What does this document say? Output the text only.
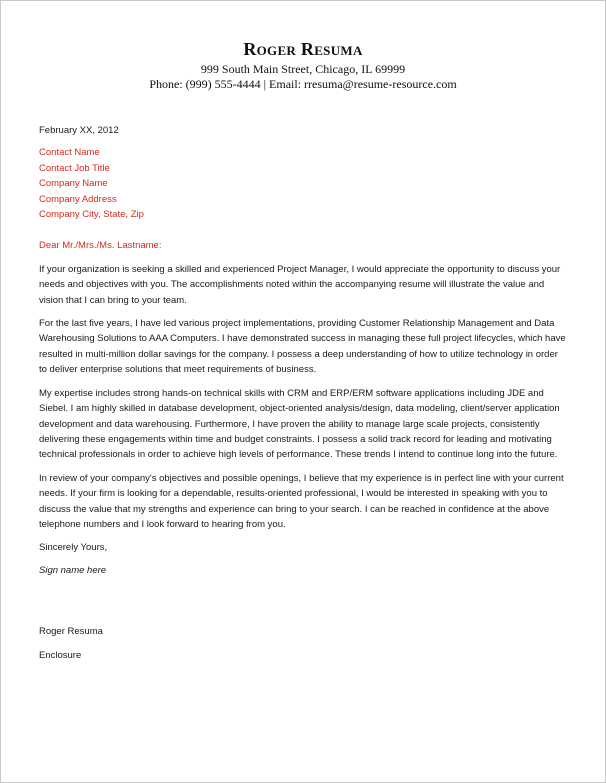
Roger Resuma
999 South Main Street, Chicago, IL 69999
Phone: (999) 555-4444 | Email: rresuma@resume-resource.com
February XX, 2012
Contact Name
Contact Job Title
Company Name
Company Address
Company City, State, Zip
Dear Mr./Mrs./Ms. Lastname:

If your organization is seeking a skilled and experienced Project Manager, I would appreciate the opportunity to discuss your needs and objectives with you. The accomplishments noted within the accompanying resume will illustrate the value and vision that I can bring to your team.

For the last five years, I have led various project implementations, providing Customer Relationship Management and Data Warehousing Solutions to AAA Computers. I have demonstrated success in managing these full project lifecycles, which have resulted in multi-million dollar savings for the company. I possess a deep understanding of how to utilize technology in order to deliver enterprise solutions that meet requirements of business.

My expertise includes strong hands-on technical skills with CRM and ERP/ERM software applications including JDE and Siebel. I am highly skilled in database development, object-oriented analysis/design, data modeling, client/server application development and data warehousing. Furthermore, I have proven the ability to manage large scale projects, consistently delivering these engagements within time and budget constraints. I possess a solid track record for leading and motivating technical professionals in order to achieve high levels of performance. These trends I intend to continue long into the future.

In review of your company's objectives and possible openings, I believe that my experience is in perfect line with your current needs. If your firm is looking for a dependable, results-oriented professional, I would be interested in speaking with you to discuss the value that my strengths and experience can bring to your search. I can be reached in confidence at the above telephone numbers and I look forward to hearing from you.

Sincerely Yours,
Sign name here
Roger Resuma
Enclosure
